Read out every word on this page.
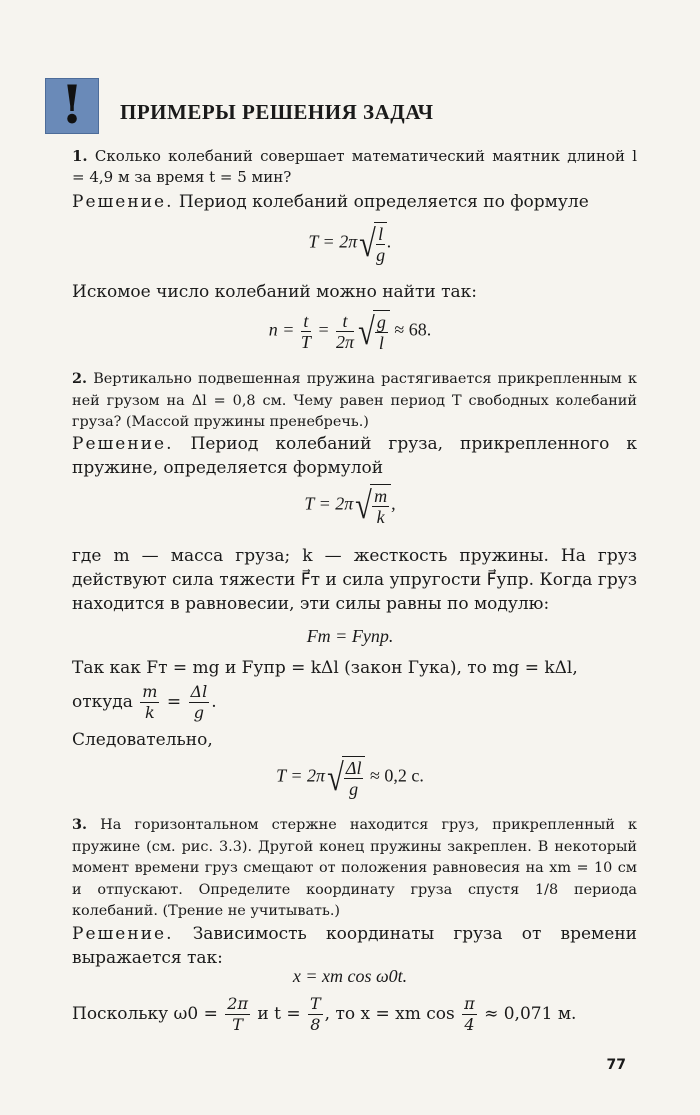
!	ПРИМЕРЫ РЕШЕНИЯ ЗАДАЧ
1. Сколько колебаний совершает математический маятник длиной l = 4,9 м за время t = 5 мин?
Решение. Период колебаний определяется по формуле
$T = 2\pi√ \frac{l}{g}$ .
Искомое число колебаний можно найти так:
$n = \frac{t}{T} = \frac{t}{2\pi}$ √ $\frac{g}{l} \approx 68$.
2. Вертикально подвешенная пружина растягивается прикрепленным к ней грузом на Δl = 0,8 см. Чему равен период T свободных колебаний груза? (Массой пружины пренебречь.)
Решение. Период колебаний груза, прикрепленного к пружине, определяется формулой
$T = 2\pi√ \frac{m}{k}$ ,
где m — масса груза; k — жесткость пружины. На груз действуют сила тяжести F⃗т и сила упругости F⃗упр. Когда груз находится в равновесии, эти силы равны по модулю:
Fт = Fупр.
Так как Fт = mg и Fупр = kΔl (закон Гука), то mg = kΔl,
откуда $\frac{m}{k} = \frac{\Delta l}{g}$ .
Следовательно,
$T = 2\pi√ \frac{\Delta l}{g} \approx 0,2$ с.
3. На горизонтальном стержне находится груз, прикрепленный к пружине (см. рис. 3.3). Другой конец пружины закреплен. В некоторый момент времени груз смещают от положения равновесия на xm = 10 см и отпускают. Определите координату груза спустя 1/8 периода колебаний. (Трение не учитывать.)
Решение. Зависимость координаты груза от времени выражается так:
x = xm cos ω0t.
Поскольку $\omega 0 = \frac{2\pi}{T}$ и $t = \frac{T}{8}$ , то x = xm $\cos \frac{\pi}{4} \approx 0,071$ м.
77
